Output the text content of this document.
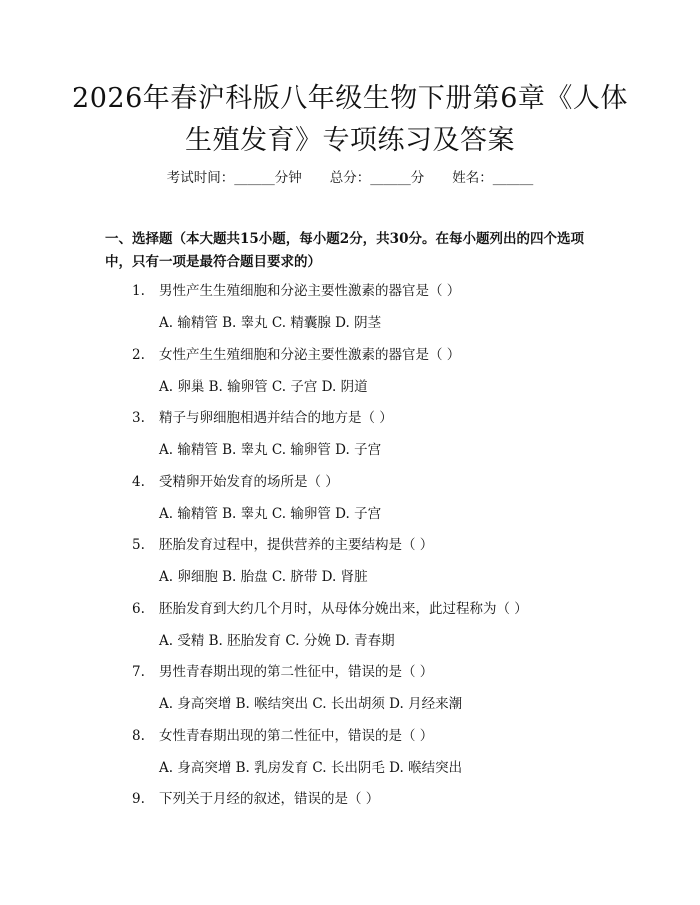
2026年春沪科版八年级生物下册第6章《人体生殖发育》专项练习及答案
考试时间：______分钟 总分：______分 姓名：______
一、选择题（本大题共15小题，每小题2分，共30分。在每小题列出的四个选项中，只有一项是最符合题目要求的）
1.	男性产生生殖细胞和分泌主要性激素的器官是（ ）
A. 输精管 B. 睾丸 C. 精囊腺 D. 阴茎
2.	女性产生生殖细胞和分泌主要性激素的器官是（ ）
A. 卵巢 B. 输卵管 C. 子宫 D. 阴道
3.	精子与卵细胞相遇并结合的地方是（ ）
A. 输精管 B. 睾丸 C. 输卵管 D. 子宫
4.	受精卵开始发育的场所是（ ）
A. 输精管 B. 睾丸 C. 输卵管 D. 子宫
5.	胚胎发育过程中，提供营养的主要结构是（ ）
A. 卵细胞 B. 胎盘 C. 脐带 D. 肾脏
6.	胚胎发育到大约几个月时，从母体分娩出来，此过程称为（ ）
A. 受精 B. 胚胎发育 C. 分娩 D. 青春期
7.	男性青春期出现的第二性征中，错误的是（ ）
A. 身高突增 B. 喉结突出 C. 长出胡须 D. 月经来潮
8.	女性青春期出现的第二性征中，错误的是（ ）
A. 身高突增 B. 乳房发育 C. 长出阴毛 D. 喉结突出
9.	下列关于月经的叙述，错误的是（ ）
